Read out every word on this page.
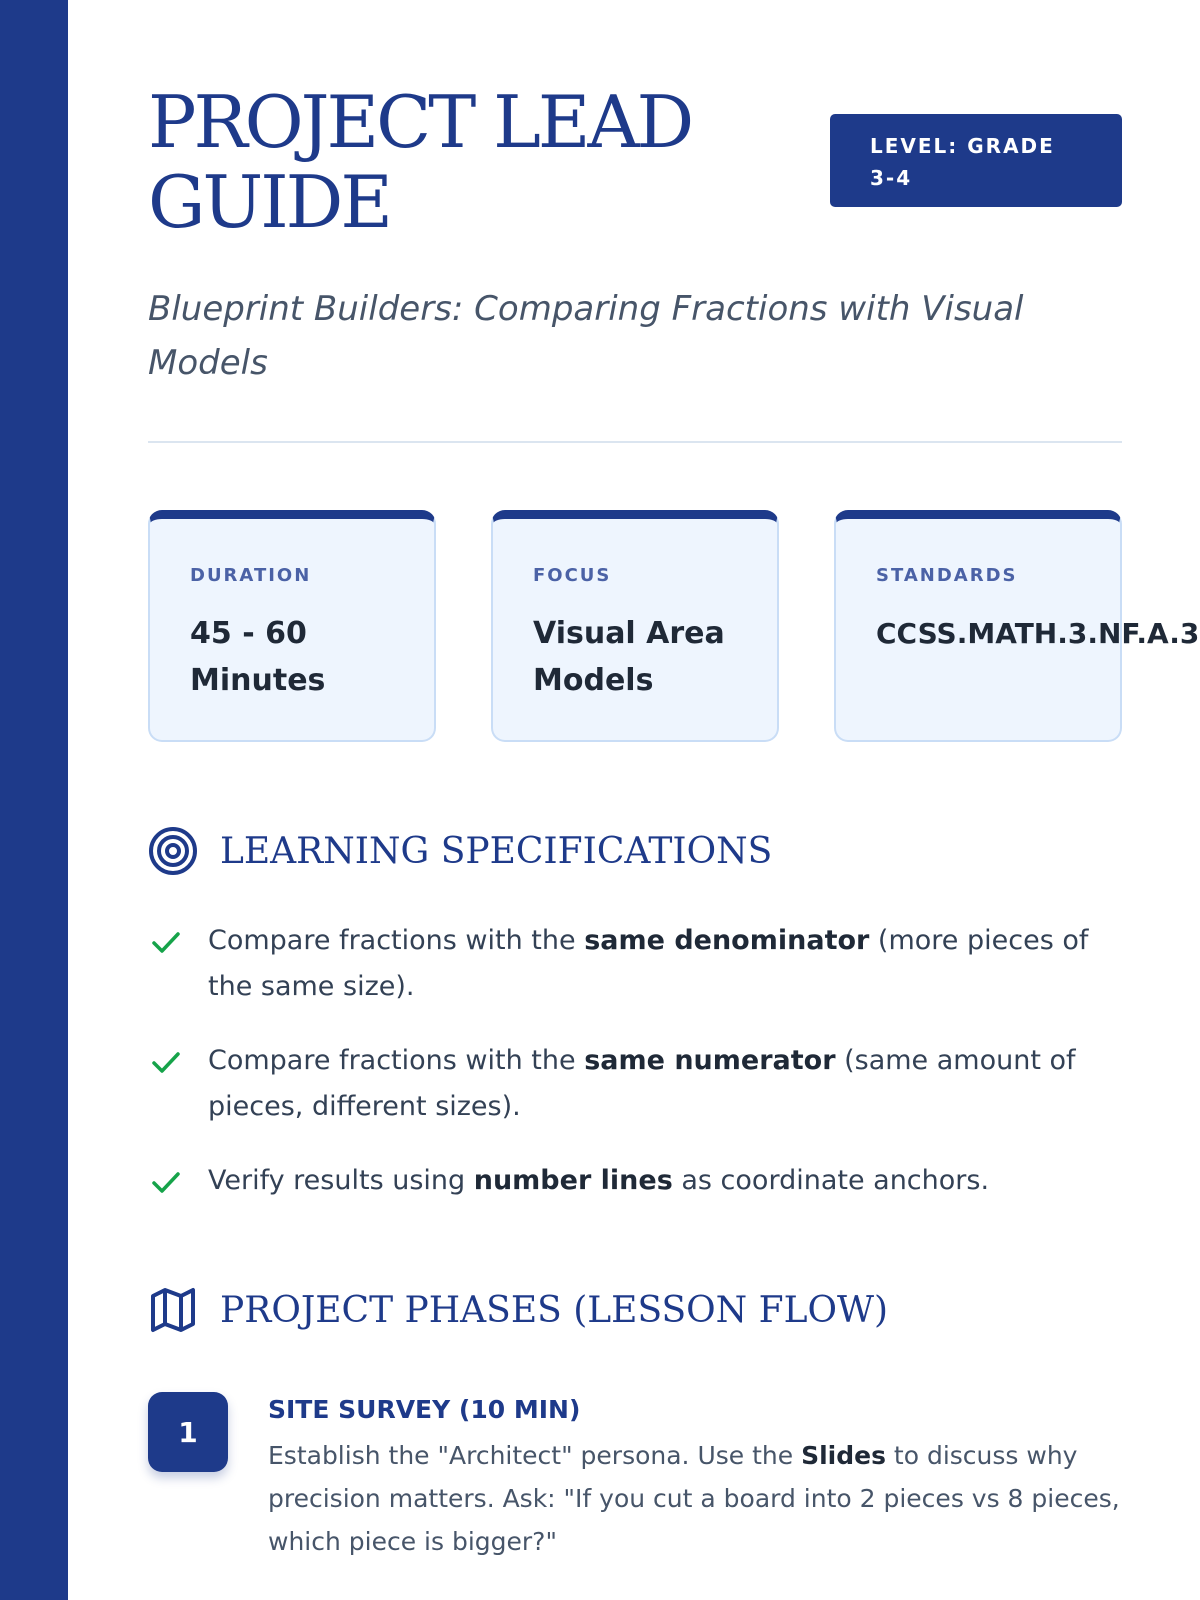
PROJECT LEAD GUIDE
LEVEL: GRADE 3-4

Blueprint Builders: Comparing Fractions with Visual Models

DURATION

45 - 60

Minutes

FOCUS

Visual Area

Models

STANDARDS

CCSS.MATH.3.NF.A.3

LEARNING SPECIFICATIONS
Compare fractions with the same denominator (more pieces of the same size).
Compare fractions with the same numerator (same amount of pieces, different sizes).
Verify results using number lines as coordinate anchors.
PROJECT PHASES (LESSON FLOW)
1

SITE SURVEY (10 MIN)

Establish the "Architect" persona. Use the Slides to discuss why precision matters. Ask: "If you cut a board into 2 pieces vs 8 pieces, which piece is bigger?"
